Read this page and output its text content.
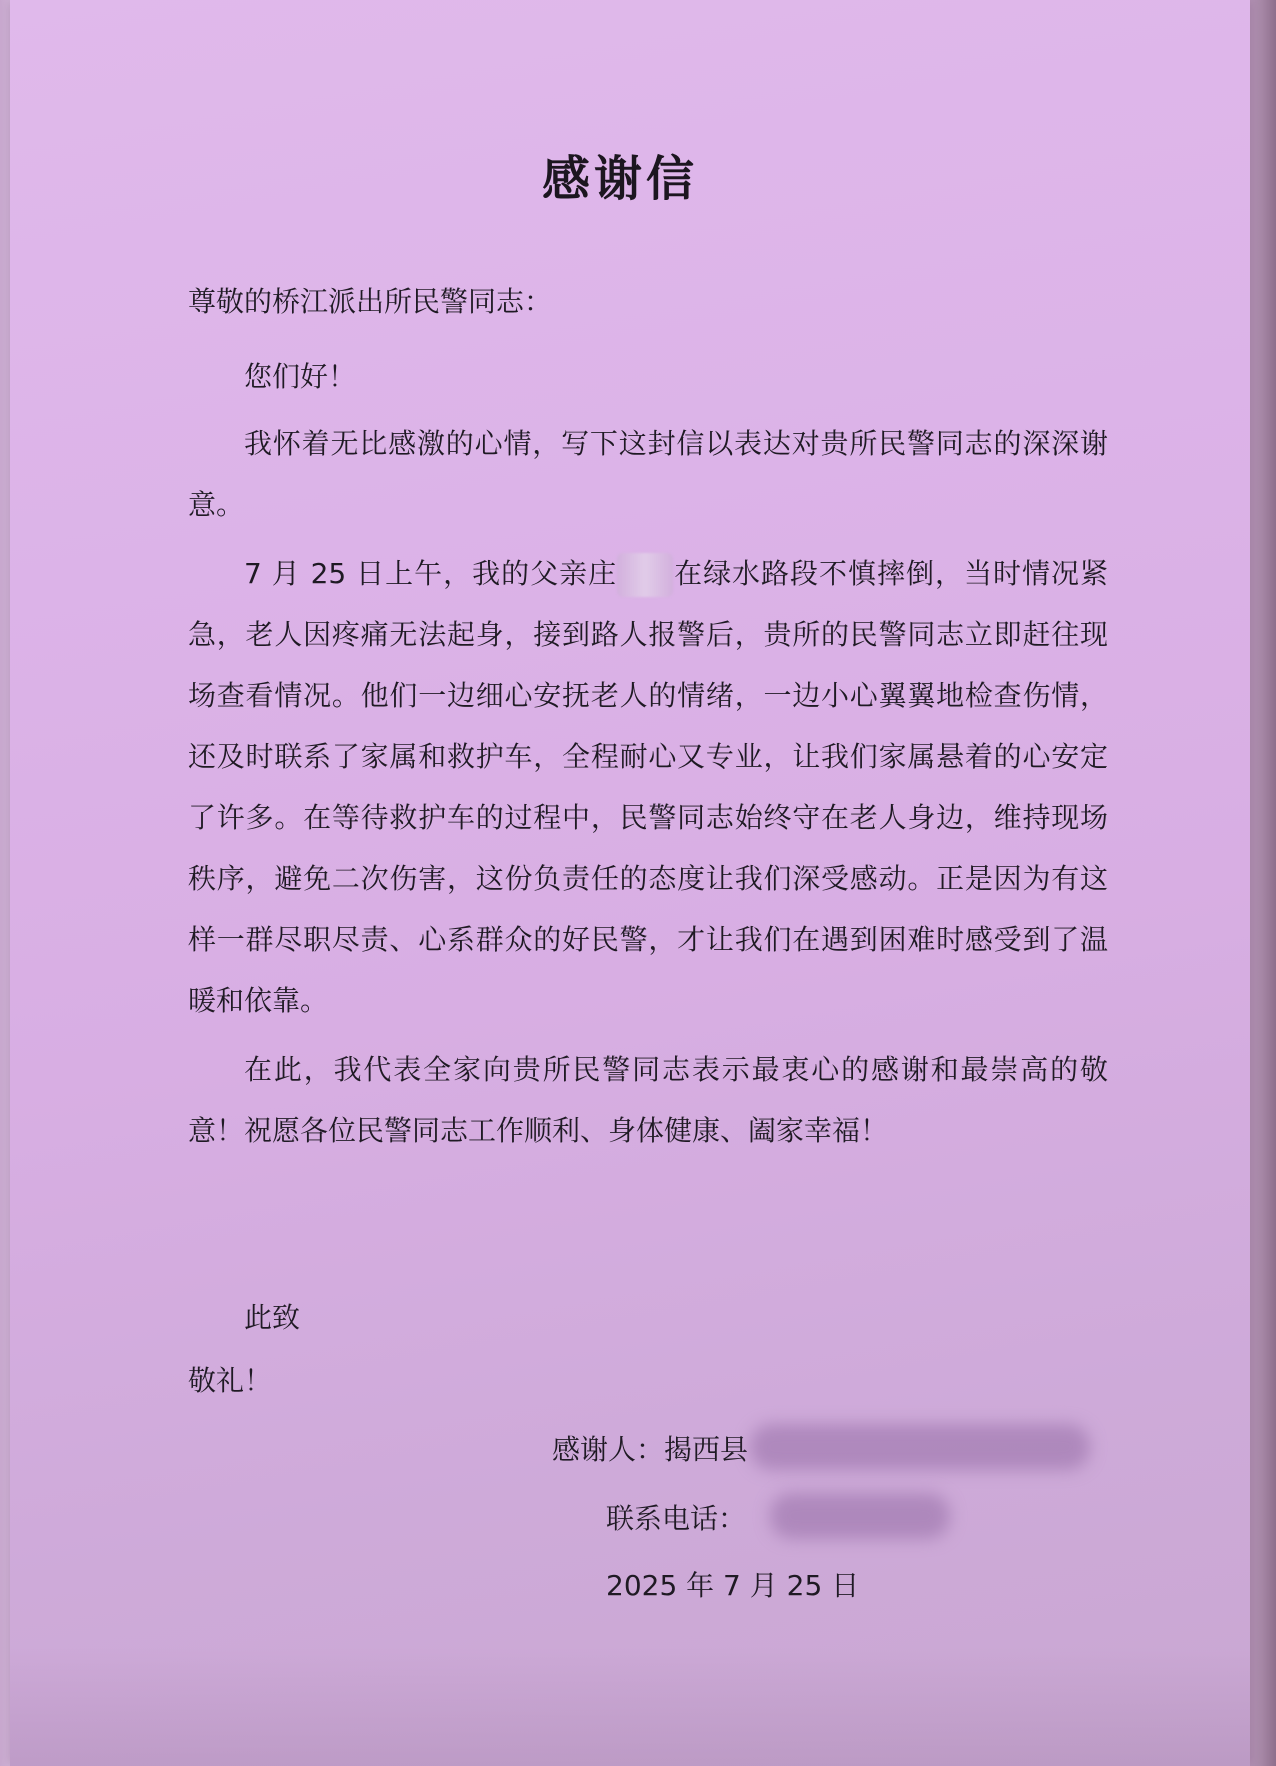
感谢信
尊敬的桥江派出所民警同志：

您们好！

我怀着无比感激的心情，写下这封信以表达对贵所民警同志的深深谢意。

7 月 25 日上午，我的父亲庄 在绿水路段不慎摔倒，当时情况紧急，老人因疼痛无法起身，接到路人报警后，贵所的民警同志立即赶往现场查看情况。他们一边细心安抚老人的情绪，一边小心翼翼地检查伤情，还及时联系了家属和救护车，全程耐心又专业，让我们家属悬着的心安定了许多。在等待救护车的过程中，民警同志始终守在老人身边，维持现场秩序，避免二次伤害，这份负责任的态度让我们深受感动。正是因为有这样一群尽职尽责、心系群众的好民警，才让我们在遇到困难时感受到了温暖和依靠。

在此，我代表全家向贵所民警同志表示最衷心的感谢和最崇高的敬意！祝愿各位民警同志工作顺利、身体健康、阖家幸福！

此致
敬礼！
感谢人：揭西县
联系电话：
2025 年 7 月 25 日
